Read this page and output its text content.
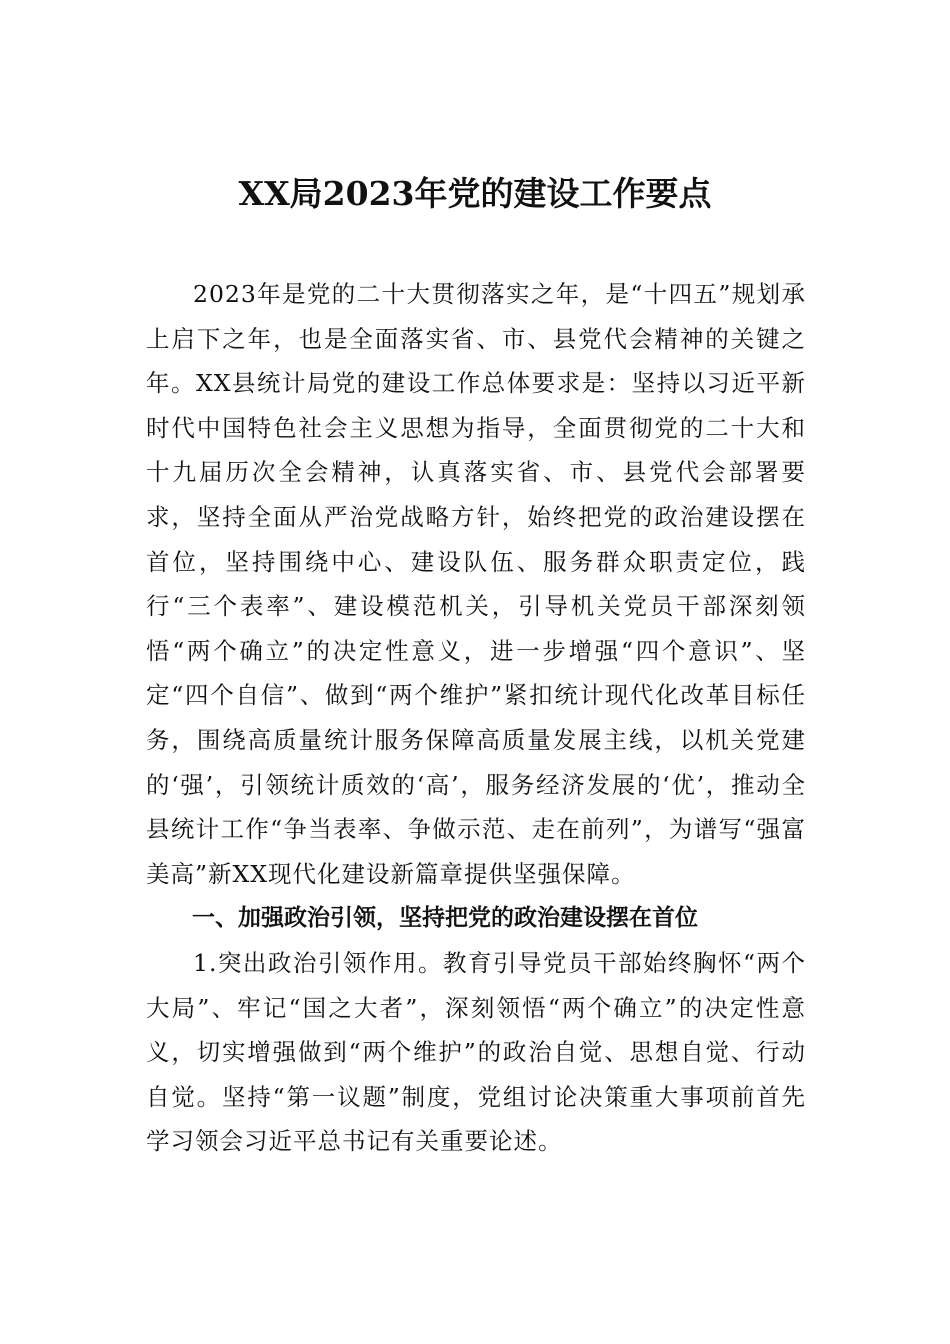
XX局2023年党的建设工作要点

2023年是党的二十大贯彻落实之年，是“十四五”规划承上启下之年，也是全面落实省、市、县党代会精神的关键之年。XX县统计局党的建设工作总体要求是：坚持以习近平新时代中国特色社会主义思想为指导，全面贯彻党的二十大和十九届历次全会精神，认真落实省、市、县党代会部署要求，坚持全面从严治党战略方针，始终把党的政治建设摆在首位，坚持围绕中心、建设队伍、服务群众职责定位，践行“三个表率”、建设模范机关，引导机关党员干部深刻领悟“两个确立”的决定性意义，进一步增强“四个意识”、坚定“四个自信”、做到“两个维护”紧扣统计现代化改革目标任务，围绕高质量统计服务保障高质量发展主线，以机关党建的‘强’，引领统计质效的‘高’，服务经济发展的‘优’，推动全县统计工作“争当表率、争做示范、走在前列”，为谱写“强富美高”新XX现代化建设新篇章提供坚强保障。

一、加强政治引领，坚持把党的政治建设摆在首位

1.突出政治引领作用。教育引导党员干部始终胸怀“两个大局”、牢记“国之大者”，深刻领悟“两个确立”的决定性意义，切实增强做到“两个维护”的政治自觉、思想自觉、行动自觉。坚持“第一议题”制度，党组讨论决策重大事项前首先学习领会习近平总书记有关重要论述。
